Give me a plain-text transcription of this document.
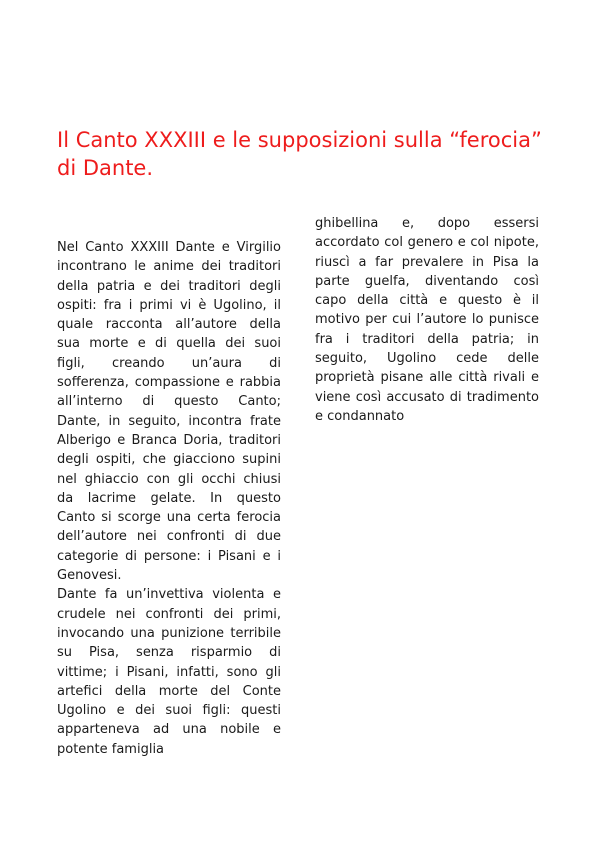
Il Canto XXXIII e le supposizioni sulla “ferocia” di Dante.

Nel Canto XXXIII Dante e Virgilio incontrano le anime dei traditori della patria e dei traditori degli ospiti: fra i primi vi è Ugolino, il quale racconta all’autore della sua morte e di quella dei suoi figli, creando un’aura di sofferenza, compassione e rabbia all’interno di questo Canto; Dante, in seguito, incontra frate Alberigo e Branca Doria, traditori degli ospiti, che giacciono supini nel ghiaccio con gli occhi chiusi da lacrime gelate. In questo Canto si scorge una certa ferocia dell’autore nei confronti di due categorie di persone: i Pisani e i Genovesi.

Dante fa un’invettiva violenta e crudele nei confronti dei primi, invocando una punizione terribile su Pisa, senza risparmio di vittime; i Pisani, infatti, sono gli artefici della morte del Conte Ugolino e dei suoi figli: questi apparteneva ad una nobile e potente famiglia

ghibellina e, dopo essersi accordato col genero e col nipote, riuscì a far prevalere in Pisa la parte guelfa, diventando così capo della città e questo è il motivo per cui l’autore lo punisce fra i traditori della patria; in seguito, Ugolino cede delle proprietà pisane alle città rivali e viene così accusato di tradimento e condannato
